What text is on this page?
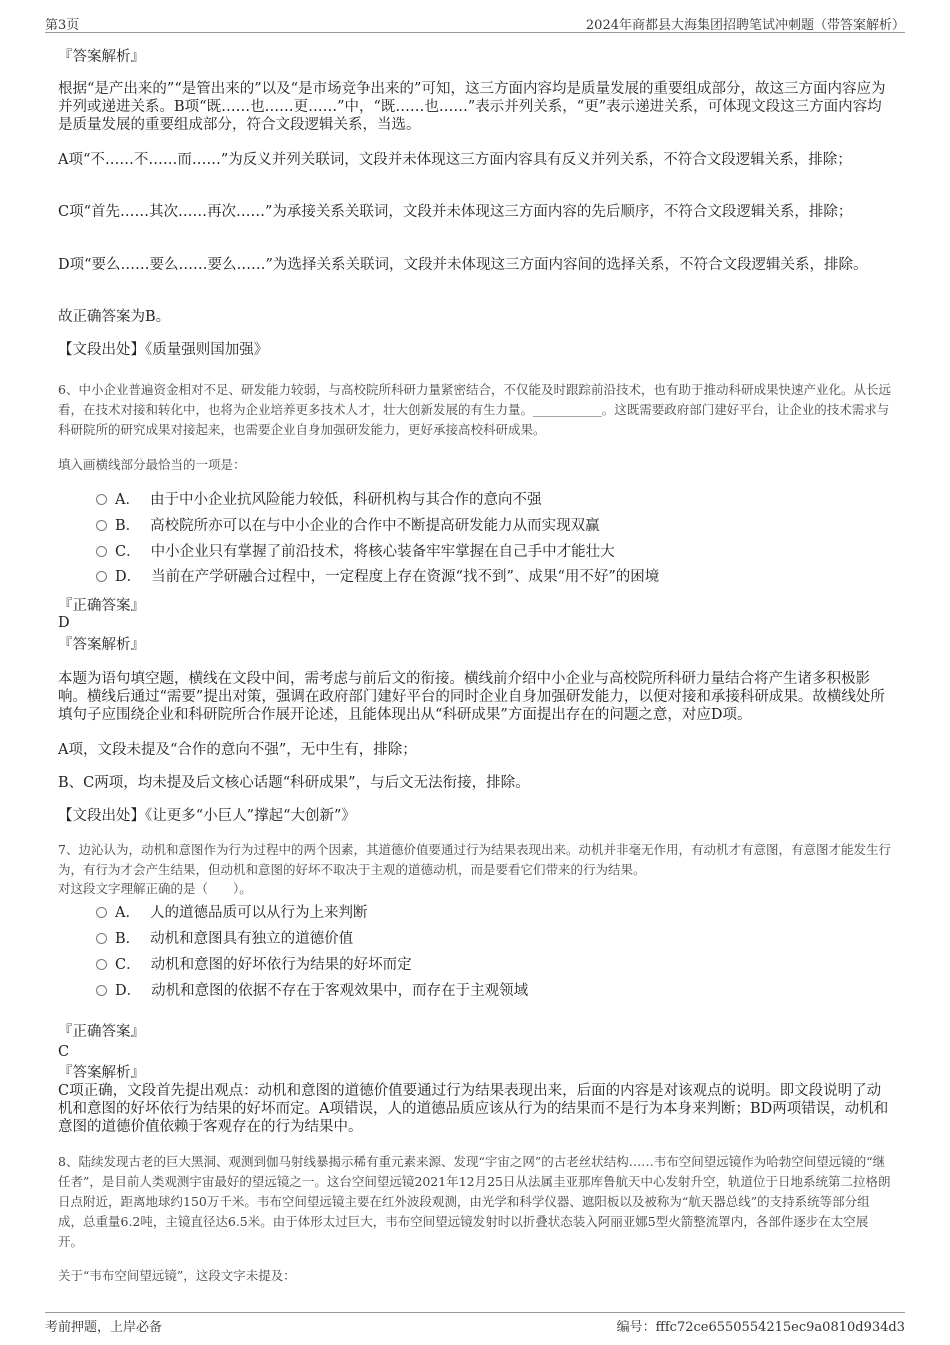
第3页	2024年商都县大海集团招聘笔试冲刺题（带答案解析）

『答案解析』

根据“是产出来的”“是管出来的”以及“是市场竞争出来的”可知，这三方面内容均是质量发展的重要组成部分，故这三方面内容应为并列或递进关系。B项“既……也……更……”中，“既……也……”表示并列关系，“更”表示递进关系，可体现文段这三方面内容均是质量发展的重要组成部分，符合文段逻辑关系，当选。

A项“不……不……而……”为反义并列关联词，文段并未体现这三方面内容具有反义并列关系，不符合文段逻辑关系，排除；

C项“首先……其次……再次……”为承接关系关联词，文段并未体现这三方面内容的先后顺序，不符合文段逻辑关系，排除；

D项“要么……要么……要么……”为选择关系关联词，文段并未体现这三方面内容间的选择关系，不符合文段逻辑关系，排除。

故正确答案为B。

【文段出处】《质量强则国加强》

6、中小企业普遍资金相对不足、研发能力较弱，与高校院所科研力量紧密结合，不仅能及时跟踪前沿技术，也有助于推动科研成果快速产业化。从长远看，在技术对接和转化中，也将为企业培养更多技术人才，壮大创新发展的有生力量。___________。这既需要政府部门建好平台，让企业的技术需求与科研院所的研究成果对接起来，也需要企业自身加强研发能力，更好承接高校科研成果。

填入画横线部分最恰当的一项是：

A． 由于中小企业抗风险能力较低，科研机构与其合作的意向不强
B． 高校院所亦可以在与中小企业的合作中不断提高研发能力从而实现双赢
C． 中小企业只有掌握了前沿技术，将核心装备牢牢掌握在自己手中才能壮大
D． 当前在产学研融合过程中，一定程度上存在资源“找不到”、成果“用不好”的困境

『正确答案』

D

『答案解析』

本题为语句填空题，横线在文段中间，需考虑与前后文的衔接。横线前介绍中小企业与高校院所科研力量结合将产生诸多积极影响。横线后通过“需要”提出对策，强调在政府部门建好平台的同时企业自身加强研发能力，以便对接和承接科研成果。故横线处所填句子应围绕企业和科研院所合作展开论述，且能体现出从“科研成果”方面提出存在的问题之意，对应D项。

A项，文段未提及“合作的意向不强”，无中生有，排除；

B、C两项，均未提及后文核心话题“科研成果”，与后文无法衔接，排除。

【文段出处】《让更多“小巨人”撑起“大创新”》

7、边沁认为，动机和意图作为行为过程中的两个因素，其道德价值要通过行为结果表现出来。动机并非毫无作用，有动机才有意图，有意图才能发生行为，有行为才会产生结果，但动机和意图的好坏不取决于主观的道德动机，而是要看它们带来的行为结果。

对这段文字理解正确的是（　　）。

A． 人的道德品质可以从行为上来判断
B． 动机和意图具有独立的道德价值
C． 动机和意图的好坏依行为结果的好坏而定
D． 动机和意图的依据不存在于客观效果中，而存在于主观领域

『正确答案』

C

『答案解析』

C项正确，文段首先提出观点：动机和意图的道德价值要通过行为结果表现出来，后面的内容是对该观点的说明。即文段说明了动机和意图的好坏依行为结果的好坏而定。A项错误，人的道德品质应该从行为的结果而不是行为本身来判断；BD两项错误，动机和意图的道德价值依赖于客观存在的行为结果中。

8、陆续发现古老的巨大黑洞、观测到伽马射线暴揭示稀有重元素来源、发现“宇宙之网”的古老丝状结构……韦布空间望远镜作为哈勃空间望远镜的“继任者”，是目前人类观测宇宙最好的望远镜之一。这台空间望远镜2021年12月25日从法属圭亚那库鲁航天中心发射升空，轨道位于日地系统第二拉格朗日点附近，距离地球约150万千米。韦布空间望远镜主要在红外波段观测，由光学和科学仪器、遮阳板以及被称为“航天器总线”的支持系统等部分组成，总重量6.2吨，主镜直径达6.5米。由于体形太过巨大，韦布空间望远镜发射时以折叠状态装入阿丽亚娜5型火箭整流罩内，各部件逐步在太空展开。

关于“韦布空间望远镜”，这段文字未提及：

考前押题，上岸必备	编号：fffc72ce6550554215ec9a0810d934d3
